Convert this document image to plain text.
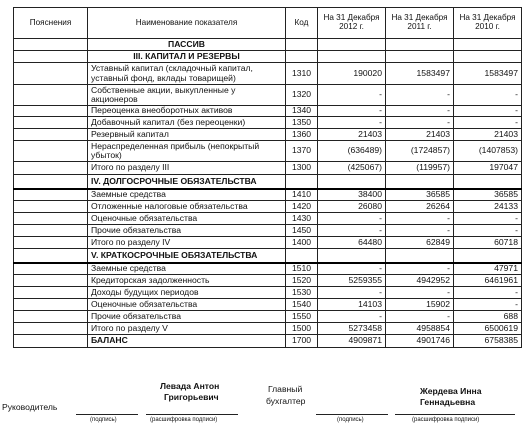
Пояснения	Наименование показателя	Код	На 31 Декабря 2012 г.	На 31 Декабря 2011 г.	На 31 Декабря 2010 г.
	ПАССИВ				
	III. КАПИТАЛ И РЕЗЕРВЫ				
	Уставный капитал (складочный капитал, уставный фонд, вклады товарищей)	1310	190020	1583497	1583497
	Собственные акции, выкупленные у акционеров	1320	-	-	-
	Переоценка внеоборотных активов	1340	-	-	-
	Добавочный капитал (без переоценки)	1350	-	-	-
	Резервный капитал	1360	21403	21403	21403
	Нераспределенная прибыль (непокрытый убыток)	1370	(636489)	(1724857)	(1407853)
	Итого по разделу III	1300	(425067)	(119957)	197047
	IV. ДОЛГОСРОЧНЫЕ ОБЯЗАТЕЛЬСТВА				
	Заемные средства	1410	38400	36585	36585
	Отложенные налоговые обязательства	1420	26080	26264	24133
	Оценочные обязательства	1430	-	-	-
	Прочие обязательства	1450	-	-	-
	Итого по разделу IV	1400	64480	62849	60718
	V. КРАТКОСРОЧНЫЕ ОБЯЗАТЕЛЬСТВА				
	Заемные средства	1510	-	-	47971
	Кредиторская задолженность	1520	5259355	4942952	6461961
	Доходы будущих периодов	1530	-	-	-
	Оценочные обязательства	1540	14103	15902	-
	Прочие обязательства	1550	-	-	688
	Итого по разделу V	1500	5273458	4958854	6500619
	БАЛАНС	1700	4909871	4901746	6758385
Руководитель
(подпись)
Левада Антон
Григорьевич
(расшифровка подписи)
Главный
бухгалтер
(подпись)
Жердева Инна
Геннадьевна
(расшифровка подписи)
